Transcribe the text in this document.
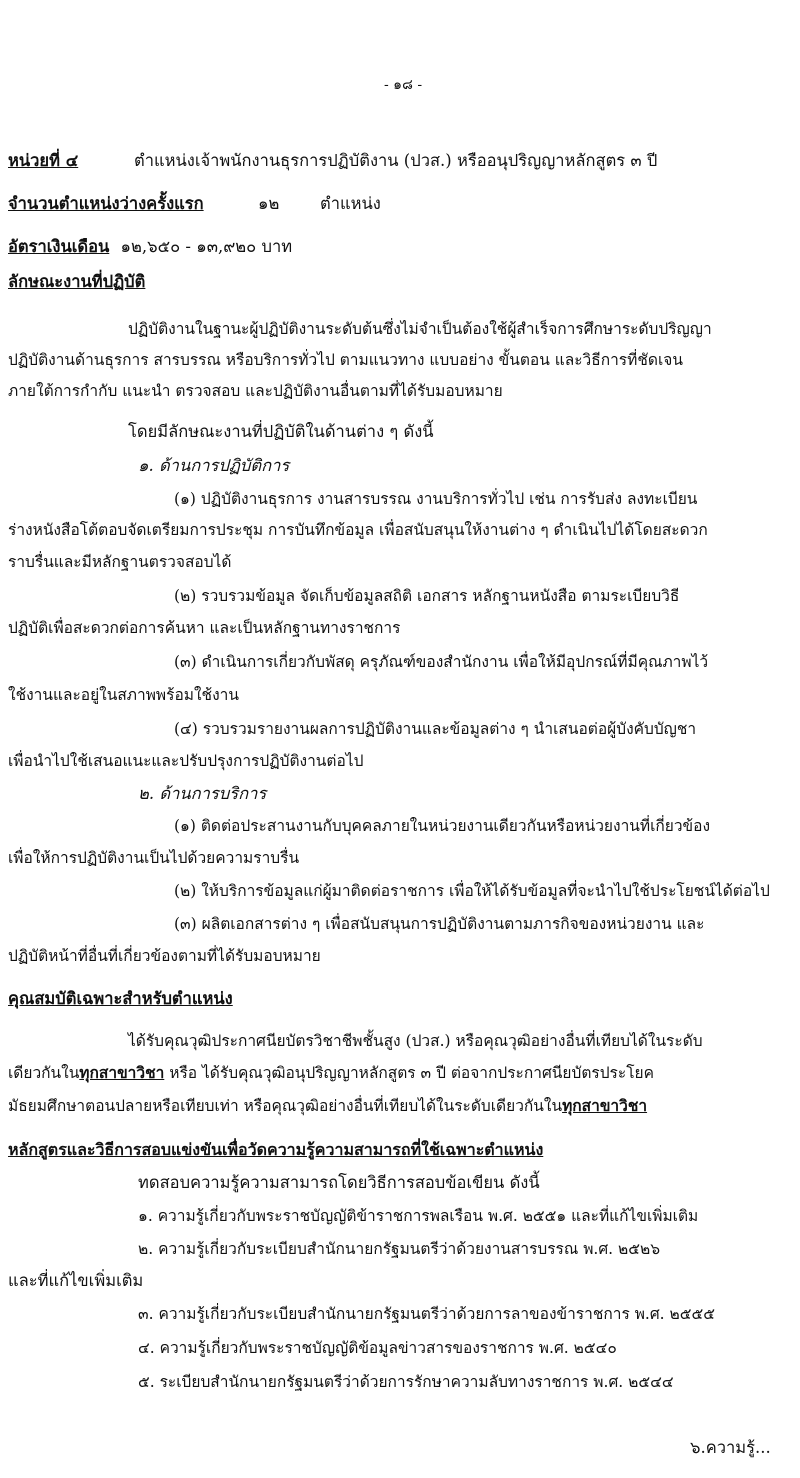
- ๑๘ -
หน่วยที่ ๔	ตำแหน่งเจ้าพนักงานธุรการปฏิบัติงาน (ปวส.) หรืออนุปริญญาหลักสูตร ๓ ปี
จำนวนตำแหน่งว่างครั้งแรก	๑๒ ตำแหน่ง
อัตราเงินเดือน ๑๒,๖๕๐ - ๑๓,๙๒๐ บาท
ลักษณะงานที่ปฏิบัติ
ปฏิบัติงานในฐานะผู้ปฏิบัติงานระดับต้นซึ่งไม่จำเป็นต้องใช้ผู้สำเร็จการศึกษาระดับปริญญา
ปฏิบัติงานด้านธุรการ สารบรรณ หรือบริการทั่วไป ตามแนวทาง แบบอย่าง ขั้นตอน และวิธีการที่ชัดเจน
ภายใต้การกำกับ แนะนำ ตรวจสอบ และปฏิบัติงานอื่นตามที่ได้รับมอบหมาย
โดยมีลักษณะงานที่ปฏิบัติในด้านต่าง ๆ ดังนี้
๑. ด้านการปฏิบัติการ
(๑) ปฏิบัติงานธุรการ งานสารบรรณ งานบริการทั่วไป เช่น การรับส่ง ลงทะเบียน
ร่างหนังสือโต้ตอบจัดเตรียมการประชุม การบันทึกข้อมูล เพื่อสนับสนุนให้งานต่าง ๆ ดำเนินไปได้โดยสะดวก
ราบรื่นและมีหลักฐานตรวจสอบได้
(๒) รวบรวมข้อมูล จัดเก็บข้อมูลสถิติ เอกสาร หลักฐานหนังสือ ตามระเบียบวิธี
ปฏิบัติเพื่อสะดวกต่อการค้นหา และเป็นหลักฐานทางราชการ
(๓) ดำเนินการเกี่ยวกับพัสดุ ครุภัณฑ์ของสำนักงาน เพื่อให้มีอุปกรณ์ที่มีคุณภาพไว้
ใช้งานและอยู่ในสภาพพร้อมใช้งาน
(๔) รวบรวมรายงานผลการปฏิบัติงานและข้อมูลต่าง ๆ นำเสนอต่อผู้บังคับบัญชา
เพื่อนำไปใช้เสนอแนะและปรับปรุงการปฏิบัติงานต่อไป
๒. ด้านการบริการ
(๑) ติดต่อประสานงานกับบุคคลภายในหน่วยงานเดียวกันหรือหน่วยงานที่เกี่ยวข้อง
เพื่อให้การปฏิบัติงานเป็นไปด้วยความราบรื่น
(๒) ให้บริการข้อมูลแก่ผู้มาติดต่อราชการ เพื่อให้ได้รับข้อมูลที่จะนำไปใช้ประโยชน์ได้ต่อไป
(๓) ผลิตเอกสารต่าง ๆ เพื่อสนับสนุนการปฏิบัติงานตามภารกิจของหน่วยงาน และ
ปฏิบัติหน้าที่อื่นที่เกี่ยวข้องตามที่ได้รับมอบหมาย
คุณสมบัติเฉพาะสำหรับตำแหน่ง
ได้รับคุณวุฒิประกาศนียบัตรวิชาชีพชั้นสูง (ปวส.) หรือคุณวุฒิอย่างอื่นที่เทียบได้ในระดับ
เดียวกันในทุกสาขาวิชา หรือ ได้รับคุณวุฒิอนุปริญญาหลักสูตร ๓ ปี ต่อจากประกาศนียบัตรประโยค
มัธยมศึกษาตอนปลายหรือเทียบเท่า หรือคุณวุฒิอย่างอื่นที่เทียบได้ในระดับเดียวกันในทุกสาขาวิชา
หลักสูตรและวิธีการสอบแข่งขันเพื่อวัดความรู้ความสามารถที่ใช้เฉพาะตำแหน่ง
ทดสอบความรู้ความสามารถโดยวิธีการสอบข้อเขียน ดังนี้
๑. ความรู้เกี่ยวกับพระราชบัญญัติข้าราชการพลเรือน พ.ศ. ๒๕๕๑ และที่แก้ไขเพิ่มเติม
๒. ความรู้เกี่ยวกับระเบียบสำนักนายกรัฐมนตรีว่าด้วยงานสารบรรณ พ.ศ. ๒๕๒๖
และที่แก้ไขเพิ่มเติม
๓. ความรู้เกี่ยวกับระเบียบสำนักนายกรัฐมนตรีว่าด้วยการลาของข้าราชการ พ.ศ. ๒๕๕๕
๔. ความรู้เกี่ยวกับพระราชบัญญัติข้อมูลข่าวสารของราชการ พ.ศ. ๒๕๔๐
๕. ระเบียบสำนักนายกรัฐมนตรีว่าด้วยการรักษาความลับทางราชการ พ.ศ. ๒๕๔๔
๖.ความรู้...
